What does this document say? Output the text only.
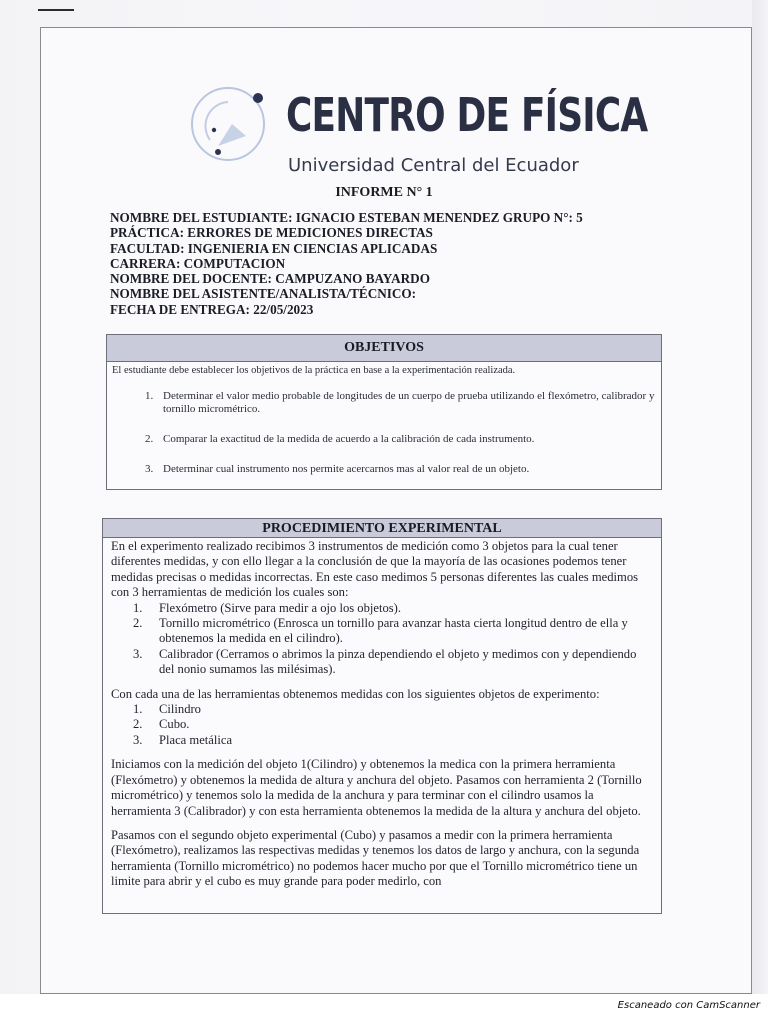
CENTRO DE FÍSICA
Universidad Central del Ecuador
INFORME N° 1
NOMBRE DEL ESTUDIANTE: IGNACIO ESTEBAN MENENDEZ GRUPO N°: 5
PRÁCTICA: ERRORES DE MEDICIONES DIRECTAS
FACULTAD: INGENIERIA EN CIENCIAS APLICADAS
CARRERA: COMPUTACION
NOMBRE DEL DOCENTE: CAMPUZANO BAYARDO
NOMBRE DEL ASISTENTE/ANALISTA/TÉCNICO:
FECHA DE ENTREGA: 22/05/2023
OBJETIVOS
El estudiante debe establecer los objetivos de la práctica en base a la experimentación realizada.
1. Determinar el valor medio probable de longitudes de un cuerpo de prueba utilizando el flexómetro, calibrador y tornillo micrométrico.
2. Comparar la exactitud de la medida de acuerdo a la calibración de cada instrumento.
3. Determinar cual instrumento nos permite acercarnos mas al valor real de un objeto.
PROCEDIMIENTO EXPERIMENTAL

En el experimento realizado recibimos 3 instrumentos de medición como 3 objetos para la cual tener diferentes medidas, y con ello llegar a la conclusión de que la mayoría de las ocasiones podemos tener medidas precisas o medidas incorrectas. En este caso medimos 5 personas diferentes las cuales medimos con 3 herramientas de medición los cuales son:

1. Flexómetro (Sirve para medir a ojo los objetos).
2. Tornillo micrométrico (Enrosca un tornillo para avanzar hasta cierta longitud dentro de ella y obtenemos la medida en el cilindro).
3. Calibrador (Cerramos o abrimos la pinza dependiendo el objeto y medimos con y dependiendo del nonio sumamos las milésimas).

Con cada una de las herramientas obtenemos medidas con los siguientes objetos de experimento:

1. Cilindro
2. Cubo.
3. Placa metálica

Iniciamos con la medición del objeto 1(Cilindro) y obtenemos la medica con la primera herramienta (Flexómetro) y obtenemos la medida de altura y anchura del objeto. Pasamos con herramienta 2 (Tornillo micrométrico) y tenemos solo la medida de la anchura y para terminar con el cilindro usamos la herramienta 3 (Calibrador) y con esta herramienta obtenemos la medida de la altura y anchura del objeto.

Pasamos con el segundo objeto experimental (Cubo) y pasamos a medir con la primera herramienta (Flexómetro), realizamos las respectivas medidas y tenemos los datos de largo y anchura, con la segunda herramienta (Tornillo micrométrico) no podemos hacer mucho por que el Tornillo micrométrico tiene un limite para abrir y el cubo es muy grande para poder medirlo, con

Escaneado con CamScanner
